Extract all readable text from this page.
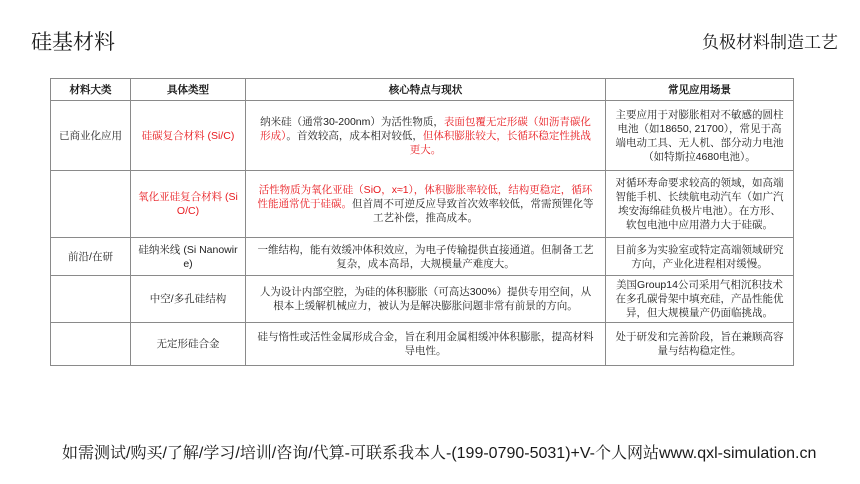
硅基材料	负极材料制造工艺
材料大类	具体类型	核心特点与现状	常见应用场景
已商业化应用	硅碳复合材料 (Si/C)	纳米硅（通常30-200nm）为活性物质，表面包覆无定形碳（如沥青碳化形成）。首效较高，成本相对较低，但体积膨胀较大，长循环稳定性挑战更大。	主要应用于对膨胀相对不敏感的圆柱电池（如18650, 21700），常见于高端电动工具、无人机、部分动力电池（如特斯拉4680电池）。
	氧化亚硅复合材料 (SiO/C)	活性物质为氧化亚硅（SiO，x≈1），体积膨胀率较低，结构更稳定，循环性能通常优于硅碳。但首周不可逆反应导致首次效率较低，常需预锂化等工艺补偿，推高成本。	对循环寿命要求较高的领域，如高端智能手机、长续航电动汽车（如广汽埃安海绵硅负极片电池）。在方形、软包电池中应用潜力大于硅碳。
前沿/在研	硅纳米线 (Si Nanowire)	一维结构，能有效缓冲体积效应，为电子传输提供直接通道。但制备工艺复杂，成本高昂，大规模量产难度大。	目前多为实验室或特定高端领域研究方向，产业化进程相对缓慢。
	中空/多孔硅结构	人为设计内部空腔，为硅的体积膨胀（可高达300%）提供专用空间，从根本上缓解机械应力，被认为是解决膨胀问题非常有前景的方向。	美国Group14公司采用气相沉积技术在多孔碳骨架中填充硅，产品性能优异，但大规模量产仍面临挑战。
	无定形硅合金	硅与惰性或活性金属形成合金，旨在利用金属相缓冲体积膨胀，提高材料导电性。	处于研发和完善阶段，旨在兼顾高容量与结构稳定性。
如需测试/购买/了解/学习/培训/咨询/代算-可联系我本人-(199-0790-5031)+V-个人网站www.qxl-simulation.cn
